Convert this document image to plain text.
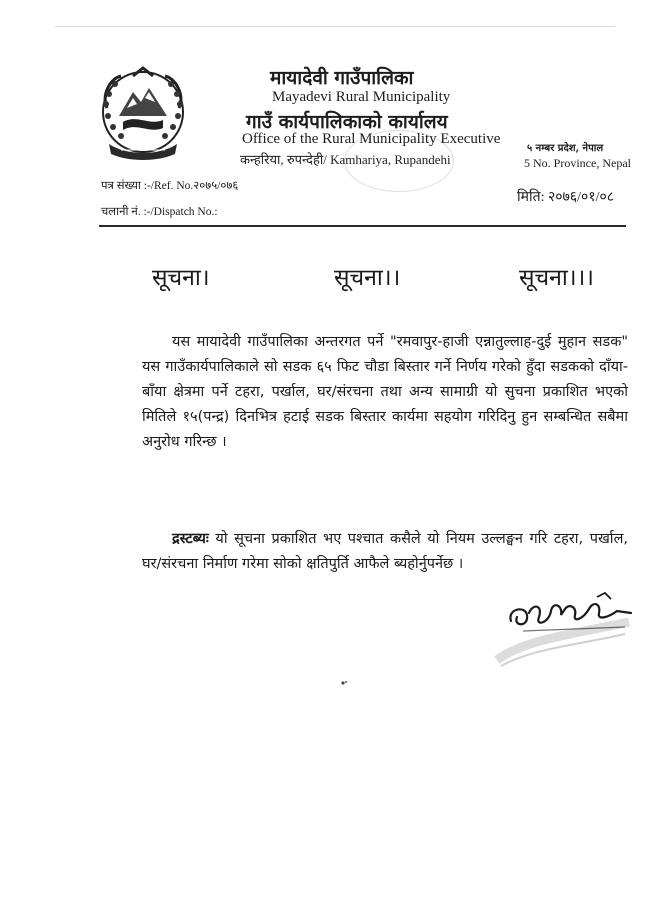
मायादेवी गाउँपालिका
Mayadevi Rural Municipality
गाउँ कार्यपालिकाको कार्यालय
Office of the Rural Municipality Executive
कन्हरिया, रुपन्देही/ Kamhariya, Rupandehi
५ नम्बर प्रदेश, नेपाल
5 No. Province, Nepal
पत्र संख्या :-/Ref. No.२०७५/०७६
चलानी नं. :-/Dispatch No.:
मिति: २०७६/०१/०८
सूचना।	सूचना।।	सूचना।।।
यस मायादेवी गाउँपालिका अन्तरगत पर्ने "रमवापुर-हाजी एन्नातुल्लाह-दुई मुहान सडक" यस गाउँकार्यपालिकाले सो सडक ६५ फिट चौडा बिस्तार गर्ने निर्णय गरेको हुँदा सडकको दाँया-बाँया क्षेत्रमा पर्ने टहरा, पर्खाल, घर/संरचना तथा अन्य सामाग्री यो सुचना प्रकाशित भएको मितिले १५(पन्द्र) दिनभित्र हटाई सडक बिस्तार कार्यमा सहयोग गरिदिनु हुन सम्बन्धित सबैमा अनुरोध गरिन्छ ।
द्रस्टब्यः यो सूचना प्रकाशित भए पश्चात कसैले यो नियम उल्लङ्घन गरि टहरा, पर्खाल, घर/संरचना निर्माण गरेमा सोको क्षतिपुर्ति आफैले ब्यहोर्नुपर्नेछ ।
